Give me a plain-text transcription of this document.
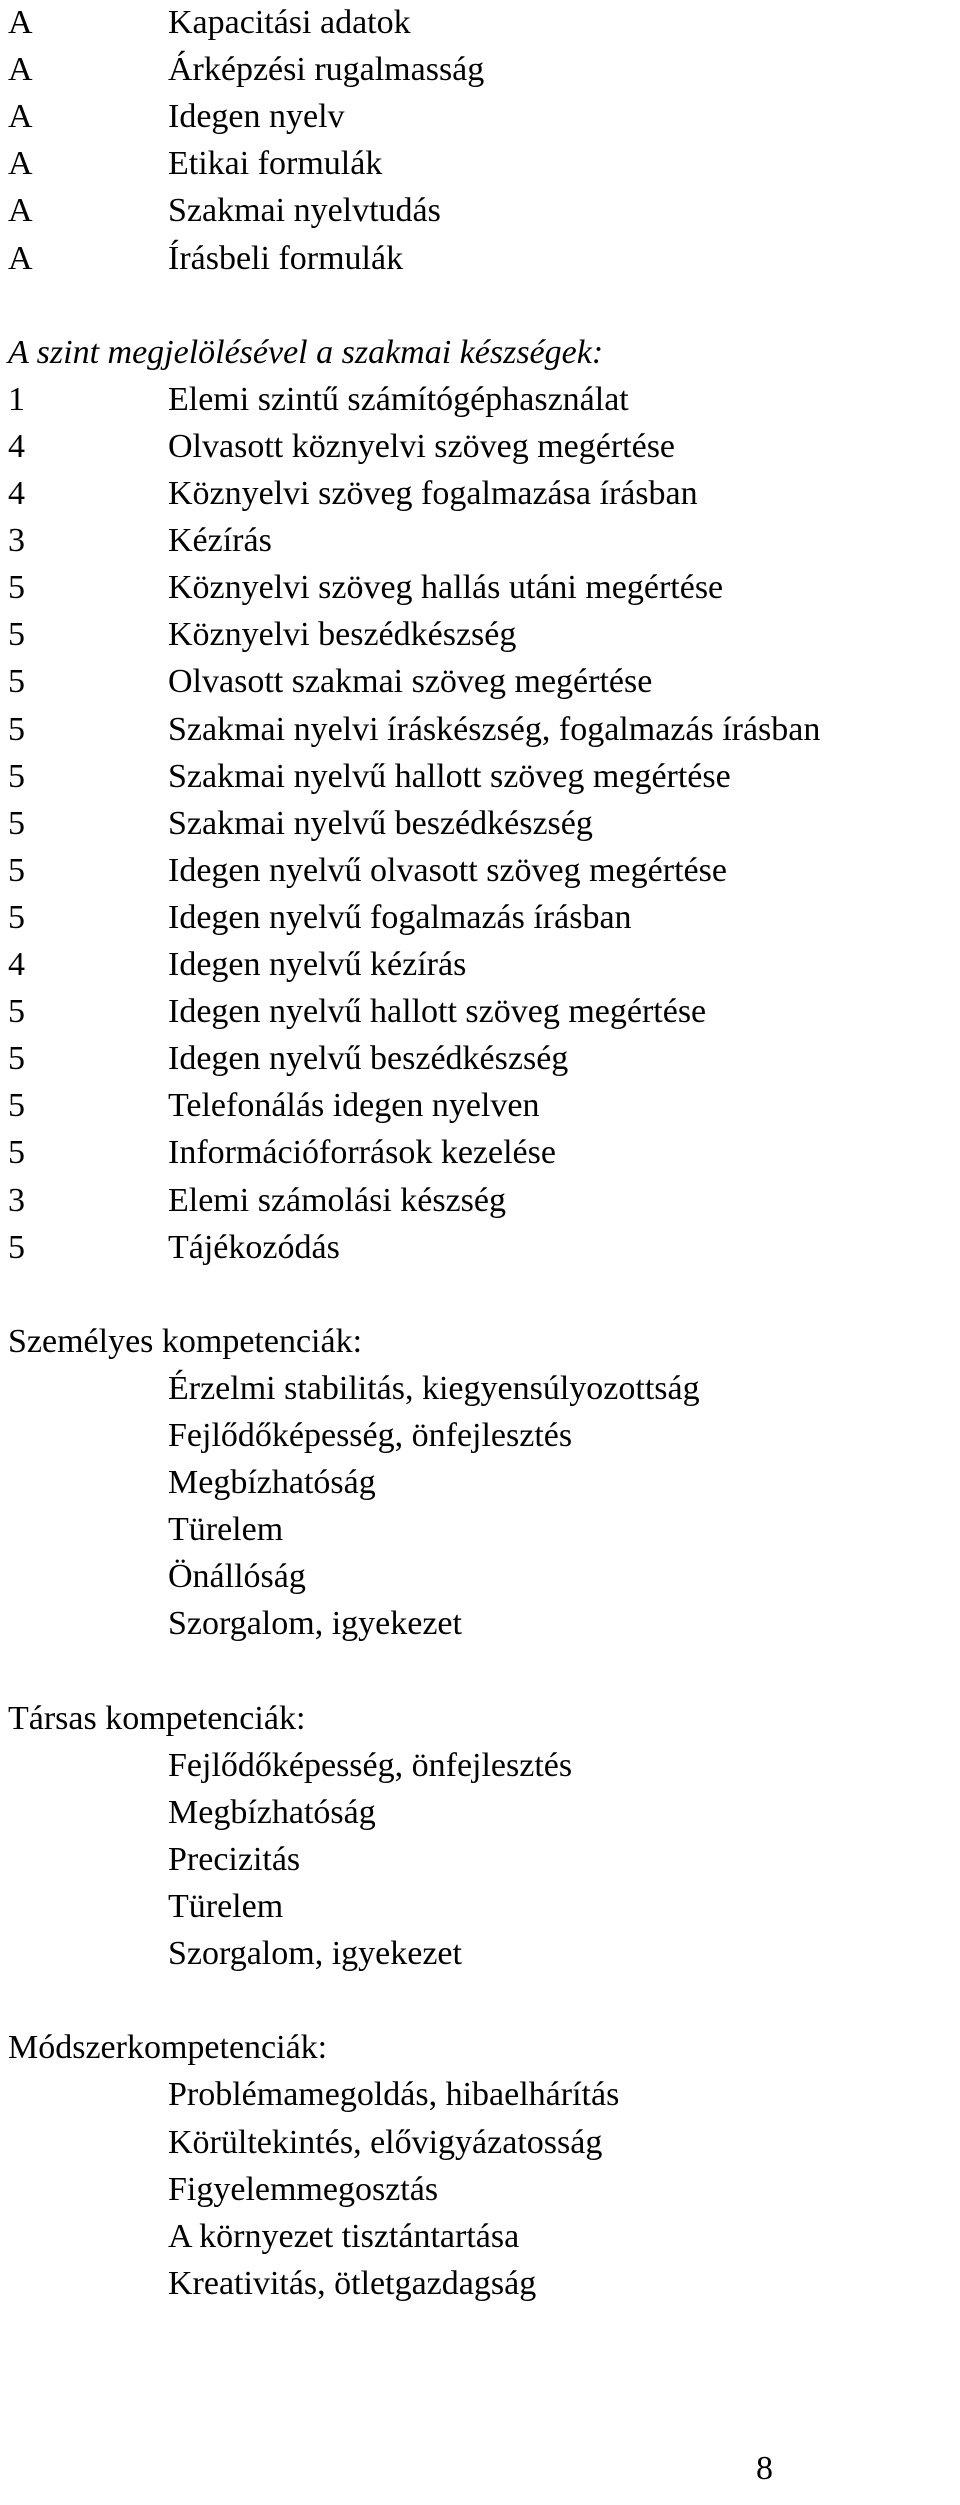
A	Kapacitási adatok
A	Árképzési rugalmasság
A	Idegen nyelv
A	Etikai formulák
A	Szakmai nyelvtudás
A	Írásbeli formulák
A szint megjelölésével a szakmai készségek:
1	Elemi szintű számítógéphasználat
4	Olvasott köznyelvi szöveg megértése
4	Köznyelvi szöveg fogalmazása írásban
3	Kézírás
5	Köznyelvi szöveg hallás utáni megértése
5	Köznyelvi beszédkészség
5	Olvasott szakmai szöveg megértése
5	Szakmai nyelvi íráskészség, fogalmazás írásban
5	Szakmai nyelvű hallott szöveg megértése
5	Szakmai nyelvű beszédkészség
5	Idegen nyelvű olvasott szöveg megértése
5	Idegen nyelvű fogalmazás írásban
4	Idegen nyelvű kézírás
5	Idegen nyelvű hallott szöveg megértése
5	Idegen nyelvű beszédkészség
5	Telefonálás idegen nyelven
5	Információforrások kezelése
3	Elemi számolási készség
5	Tájékozódás
Személyes kompetenciák:
Érzelmi stabilitás, kiegyensúlyozottság
Fejlődőképesség, önfejlesztés
Megbízhatóság
Türelem
Önállóság
Szorgalom, igyekezet
Társas kompetenciák:
Fejlődőképesség, önfejlesztés
Megbízhatóság
Precizitás
Türelem
Szorgalom, igyekezet
Módszerkompetenciák:
Problémamegoldás, hibaelhárítás
Körültekintés, elővigyázatosság
Figyelemmegosztás
A környezet tisztántartása
Kreativitás, ötletgazdagság
8
